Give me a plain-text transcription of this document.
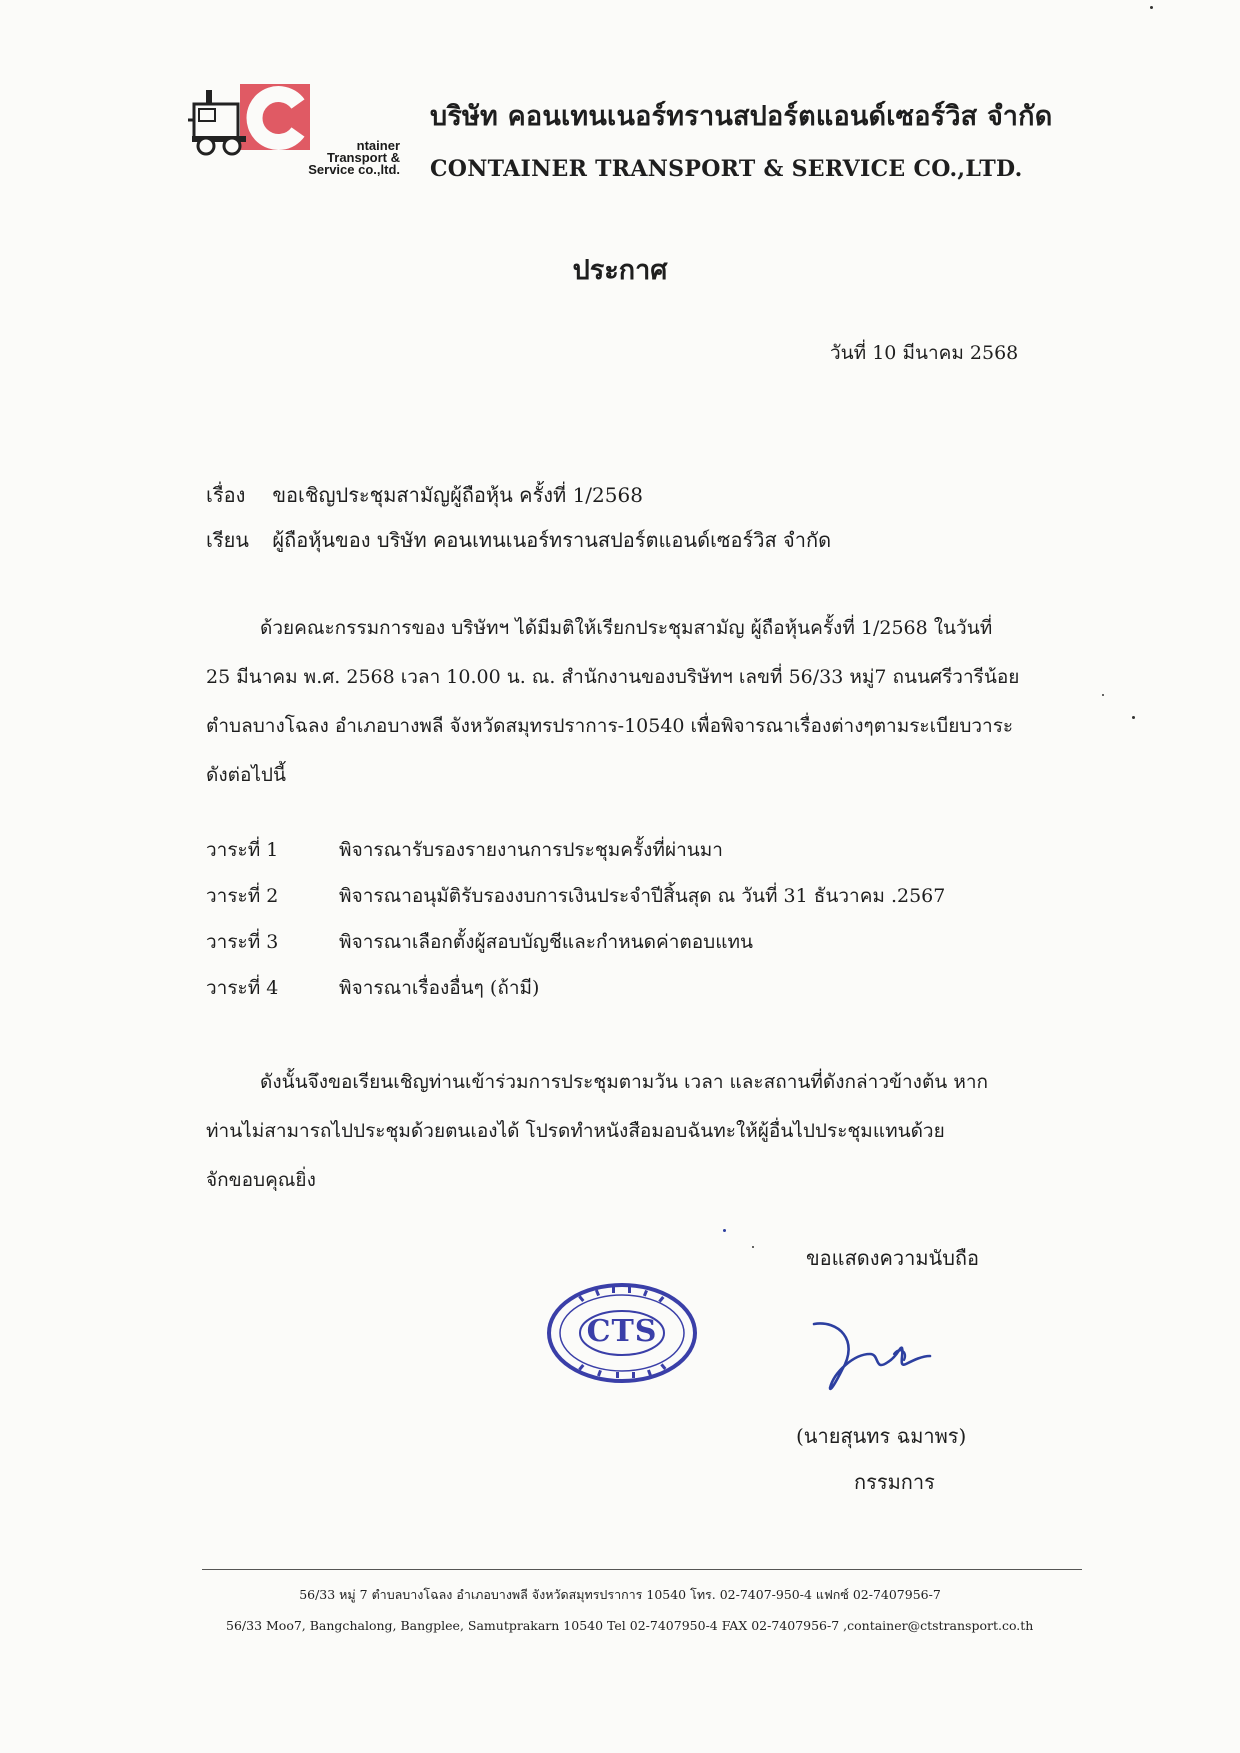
ntainer
Transport &
Service co.,ltd.
บริษัท คอนเทนเนอร์ทรานสปอร์ตแอนด์เซอร์วิส จำกัด
CONTAINER TRANSPORT & SERVICE CO.,LTD.
ประกาศ
วันที่ 10 มีนาคม 2568
เรื่อง ขอเชิญประชุมสามัญผู้ถือหุ้น ครั้งที่ 1/2568
เรียน ผู้ถือหุ้นของ บริษัท คอนเทนเนอร์ทรานสปอร์ตแอนด์เซอร์วิส จำกัด
ด้วยคณะกรรมการของ บริษัทฯ ได้มีมติให้เรียกประชุมสามัญ ผู้ถือหุ้นครั้งที่ 1/2568 ในวันที่
25 มีนาคม พ.ศ. 2568 เวลา 10.00 น. ณ. สำนักงานของบริษัทฯ เลขที่ 56/33 หมู่7 ถนนศรีวารีน้อย
ตำบลบางโฉลง อำเภอบางพลี จังหวัดสมุทรปราการ-10540 เพื่อพิจารณาเรื่องต่างๆตามระเบียบวาระ
ดังต่อไปนี้
วาระที่ 1	พิจารณารับรองรายงานการประชุมครั้งที่ผ่านมา
วาระที่ 2	พิจารณาอนุมัติรับรองงบการเงินประจำปีสิ้นสุด ณ วันที่ 31 ธันวาคม .2567
วาระที่ 3	พิจารณาเลือกตั้งผู้สอบบัญชีและกำหนดค่าตอบแทน
วาระที่ 4	พิจารณาเรื่องอื่นๆ (ถ้ามี)
ดังนั้นจึงขอเรียนเชิญท่านเข้าร่วมการประชุมตามวัน เวลา และสถานที่ดังกล่าวข้างต้น หาก
ท่านไม่สามารถไปประชุมด้วยตนเองได้ โปรดทำหนังสือมอบฉันทะให้ผู้อื่นไปประชุมแทนด้วย
จักขอบคุณยิ่ง
ขอแสดงความนับถือ
CTS
(นายสุนทร ฉมาพร)
กรรมการ
56/33 หมู่ 7 ตำบลบางโฉลง อำเภอบางพลี จังหวัดสมุทรปราการ 10540 โทร. 02-7407-950-4 แฟกซ์ 02-7407956-7
56/33 Moo7, Bangchalong, Bangplee, Samutprakarn 10540 Tel 02-7407950-4 FAX 02-7407956-7 ,container@ctstransport.co.th
